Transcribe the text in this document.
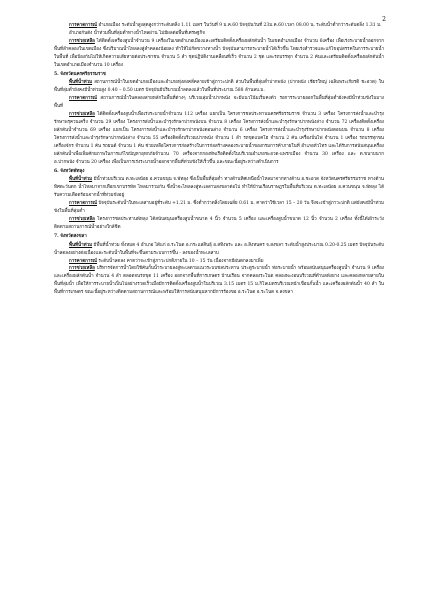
2
การคาดการณ์ อำเภอเมือง ระดับน้ำสูงสุดสูงกว่าระดับตลิ่ง 1.11 เมตร ในวันที่ 9 ม.ค.60 ปัจจุบันวันที่ 23ม.ค.60 เวลา 08.00 น. ระดับน้ำต่ำกว่าระดับตลิ่ง 1.31 ม.
อำเภอกันตัง น้ำท่วมพื้นที่ลุ่มต่ำทางน้ำไหลผ่าน ไม่มีผลต่อพื้นที่เศรษฐกิจ
การช่วยเหลือ ได้ติดตั้งเครื่องสูบน้ำจำนวน 9 เครื่องในเขตอำเภอเมืองและเตรียมติดตั้งเครื่องผลักดันน้ำ ในเขตอำเภอเมือง จำนวน 6เครื่อง เพื่อเร่งระบายน้ำออกจากพื้นที่ลำคลองในเขตเมือง ซึ่งปริมาณน้ำไหลลงสู่ลำคลองน้อยลง ทำให้ไม่กีดขวางทางน้ำ ปัจจุบันสามารถระบายน้ำได้เร็วขึ้น โดยเร่งสำรวจและแก้ไขอุปสรรคในการระบายน้ำในพื้นที่ เพื่อป้องกันไม่ให้เกิดความเสียหายต่อประชาชน จำนวน 5 ลำ ชุดปฏิบัติงานเคลื่อนที่เร็ว จำนวน 2 ชุด และรถบรรทุก จำนวน 2 คันและเตรียมติดตั้งเครื่องผลักดันน้ำ ในเขตอำเภอเมืองจำนวน 10 เครื่อง
5. จังหวัดนครศรีธรรมราช
พื้นที่น้ำท่วม สถานการณ์น้ำในเขตอำเภอเมืองและอำเภอทุ่งสงคลี่คลายเข้าสู่ภาวะปกติ ส่วนในพื้นที่ลุ่มต่ำปากพนัง (ปากพนัง เชียรใหญ่ เฉลิมพระเกียรติ ชะอวด) ในพื้นที่ลุ่มต่ำยังคงมีน้ำท่วมสูง 0.40 – 0.50 เมตร ปัจจุบันมีปริมาณน้ำลดลงแล้วในพื้นที่ประมาณ 588 ล้านลบ.ม.
การคาดการณ์ สถานการณ์น้ำในคลองสายหลักในพื้นที่ต่างๆ บริเวณลุ่มน้ำปากพนัง จะมีแนวโน้มเริ่มคงตัว รอการระบายออกในพื้นที่ลุ่มต่ำยังคงมีน้ำท่วมขังในบางพื้นที่
การช่วยเหลือ ได้ติดตั้งเครื่องสูบน้ำเพื่อเร่งระบายน้ำจำนวน 112 เครื่อง แยกเป็น โครงการชลประทานนครศรีธรรมราช จำนวน 3 เครื่อง โครงการส่งน้ำและบำรุงรักษาพรุควนเคร็ง จำนวน 29 เครื่อง โครงการส่งน้ำและบำรุงรักษาปากพนังบน จำนวน 8 เครื่อง โครงการส่งน้ำและบำรุงรักษาปากพนังล่าง จำนวน 72 เครื่องติดตั้งเครื่องผลักดันน้ำจำนวน 69 เครื่อง แยกเป็น โครงการส่งน้ำและบำรุงรักษาปากพนังตอนล่าง จำนวน 6 เครื่อง โครงการส่งน้ำและบำรุงรักษาปากพนังตอนบน จำนวน 8 เครื่อง โครงการส่งน้ำและบำรุงรักษาปากพนังล่าง จำนวน 55 เครื่องติดตั้งบริเวณปากพนัง จำนวน 1 ลำ รถขุดแบคโฮ จำนวน 2 คัน เครื่องปั่นไฟ จำนวน 1 เครื่อง รถบรรทุกขนเครื่องจักร จำนวน 1 คัน รถยนต์ จำนวน 1 คัน ช่วยเหลือโครงการก่อสร้างในการก่อสร้างคลองระบายน้ำของกรมการค้าภายในที่ อำเภอหัวไทร และได้รับการสนับสนุนเครื่องผลักดันน้ำเพื่อเพิ่มศักยภาพในการแก้ไขปัญหาอุทกภัยจำนวน 70 เครื่องจากกองทัพเรือติดตั้งในบริเวณอำเภอชะอวด-แพรกเมือง จำนวน 30 เครื่อง และ ต.ขนาบนาก อ.ปากพนัง จำนวน 20 เครื่อง เพื่อเป็นการเร่งระบายน้ำออกจากพื้นที่ท่วมขังให้เร็วขึ้น และขณะนี้อยู่ระหว่างดำเนินการ
6. จังหวัดพัทลุง
พื้นที่น้ำท่วม มีน้ำท่วมบริเวณ ต.ทะเลน้อย อ.ควนขนุน จ.พัทลุง ซึ่งเป็นพื้นที่ลุ่มต่ำ ทางด้านทิศเหนือน้ำไหลมาจากทางด้าน อ.ชะอวด จังหวัดนครศรีธรรมราช ทางด้านทิศตะวันตก น้ำไหลมาจากเทือกเขาบรรทัด ไหลมารวมกัน ซึ่งน้ำจะไหลลงสู่ทะเลสาบสงขลาต่อไป ทำให้บ้านเรือนราษฎรในพื้นที่บริเวณ ต.ทะเลน้อย อ.ควนขนุน จ.พัทลุง ได้รับความเดือดร้อนจากน้ำที่ท่วมขังอยู่
การคาดการณ์ ปัจจุบันระดับน้ำในทะเลสาบอยู่ที่ระดับ +1.21 ม. ซึ่งต่ำกว่าตลิ่งโดยเฉลี่ย 0.61 ม. คาดว่าใช้เวลา 15 – 20 วัน จึงจะเข้าสู่ภาวะปกติ แต่ยังคงมีน้ำท่วมขังในพื้นที่ลุ่มต่ำ
การช่วยเหลือ โครงการชลประทานพัทลุง ได้สนับสนุนเครื่องสูบน้ำขนาด 4 นิ้ว จำนวน 5 เครื่อง และเครื่องสูบน้ำขนาด 12 นิ้ว จำนวน 2 เครื่อง ทั้งนี้ได้เฝ้าระวังติดตามสถานการณ์น้ำอย่างใกล้ชิด
7. จังหวัดสงขลา
พื้นที่น้ำท่วม มีพื้นที่น้ำท่วม ทั้งหมด 4 อำเภอ ได้แก่ อ.ระโนด อ.กระแสสินธุ์ อ.สทิงพระ และ อ.สิงหนคร จ.สงขลา ระดับน้ำสูงประมาณ 0.20-0.25 เมตร ปัจจุบันระดับน้ำลดลงอย่างต่อเนื่องและระดับน้ำในพื้นที่จะขึ้นตามระบบการขึ้น - ลงของน้ำทะเลสาบ
การคาดการณ์ ระดับน้ำลดลง คาดว่าจะเข้าสู่ภาวะปกติภายใน 10 – 15 วัน เนื่องจากมีฝนตกลงมาเพิ่ม
การช่วยเหลือ บริหารจัดการน้ำโดยใช้คันกั้นน้ำระบายลงสู่ทะเลตามแนวระบบชลประทาน ประตูระบายน้ำ ท่อระบายน้ำ พร้อมสนับสนุนเครื่องสูบน้ำ จำนวน 9 เครื่องและเครื่องผลักดันน้ำ จำนวน 4 ลำ ตลอดจนรถขุด 11 เครื่อง ออกจากพื้นที่การเกษตร บ้านเรือน จากคลองระโนด คลองพะงอนบริเวณที่ตำบลพังยาง และคลองหลายสายในพื้นที่ลุ่มน้ำ เพื่อให้การระบายน้ำเป็นไปอย่างรวดเร็วเมื่อมีการติดตั้งเครื่องสูบน้ำในบริเวณ 3.15 เมตร 15 ม.กิโลเมตรบริเวณหน้าเขื่อนกั้นน้ำ และเครื่องผลักดันน้ำ 40 ลำ ในพื้นที่การเกษตร ขณะนี้อยู่ระหว่างติดตามสถานการณ์และพร้อมให้การสนับสนุนหากมีการร้องขอ อ.ระโนด อ.ระโนด จ.สงขลา
